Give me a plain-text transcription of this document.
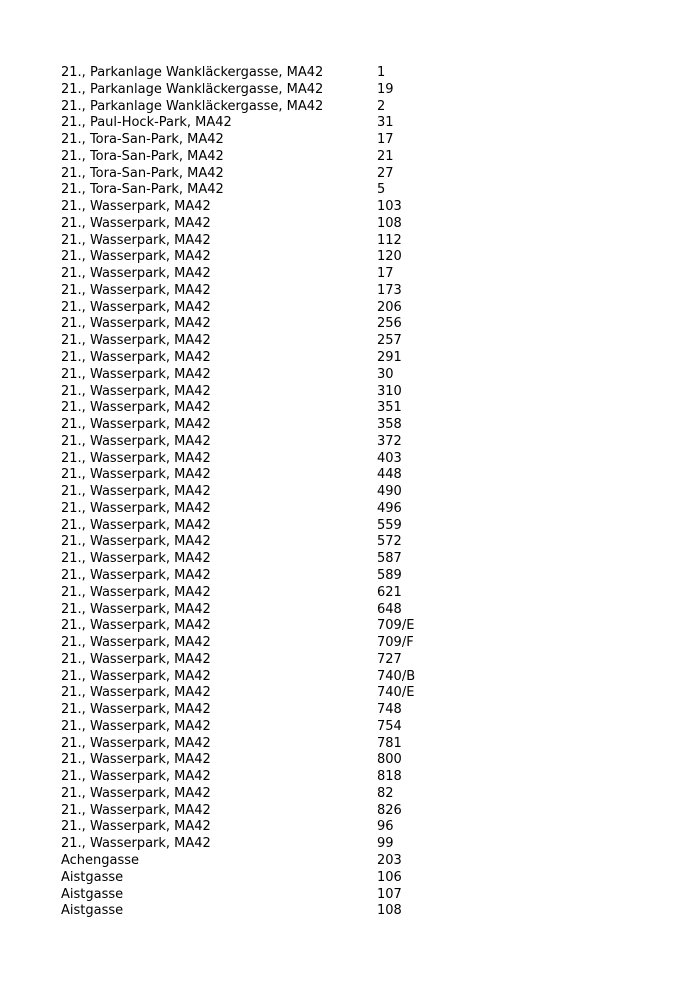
21., Parkanlage Wankläckergasse, MA42	1
21., Parkanlage Wankläckergasse, MA42	19
21., Parkanlage Wankläckergasse, MA42	2
21., Paul-Hock-Park, MA42	31
21., Tora-San-Park, MA42	17
21., Tora-San-Park, MA42	21
21., Tora-San-Park, MA42	27
21., Tora-San-Park, MA42	5
21., Wasserpark, MA42	103
21., Wasserpark, MA42	108
21., Wasserpark, MA42	112
21., Wasserpark, MA42	120
21., Wasserpark, MA42	17
21., Wasserpark, MA42	173
21., Wasserpark, MA42	206
21., Wasserpark, MA42	256
21., Wasserpark, MA42	257
21., Wasserpark, MA42	291
21., Wasserpark, MA42	30
21., Wasserpark, MA42	310
21., Wasserpark, MA42	351
21., Wasserpark, MA42	358
21., Wasserpark, MA42	372
21., Wasserpark, MA42	403
21., Wasserpark, MA42	448
21., Wasserpark, MA42	490
21., Wasserpark, MA42	496
21., Wasserpark, MA42	559
21., Wasserpark, MA42	572
21., Wasserpark, MA42	587
21., Wasserpark, MA42	589
21., Wasserpark, MA42	621
21., Wasserpark, MA42	648
21., Wasserpark, MA42	709/E
21., Wasserpark, MA42	709/F
21., Wasserpark, MA42	727
21., Wasserpark, MA42	740/B
21., Wasserpark, MA42	740/E
21., Wasserpark, MA42	748
21., Wasserpark, MA42	754
21., Wasserpark, MA42	781
21., Wasserpark, MA42	800
21., Wasserpark, MA42	818
21., Wasserpark, MA42	82
21., Wasserpark, MA42	826
21., Wasserpark, MA42	96
21., Wasserpark, MA42	99
Achengasse	203
Aistgasse	106
Aistgasse	107
Aistgasse	108
